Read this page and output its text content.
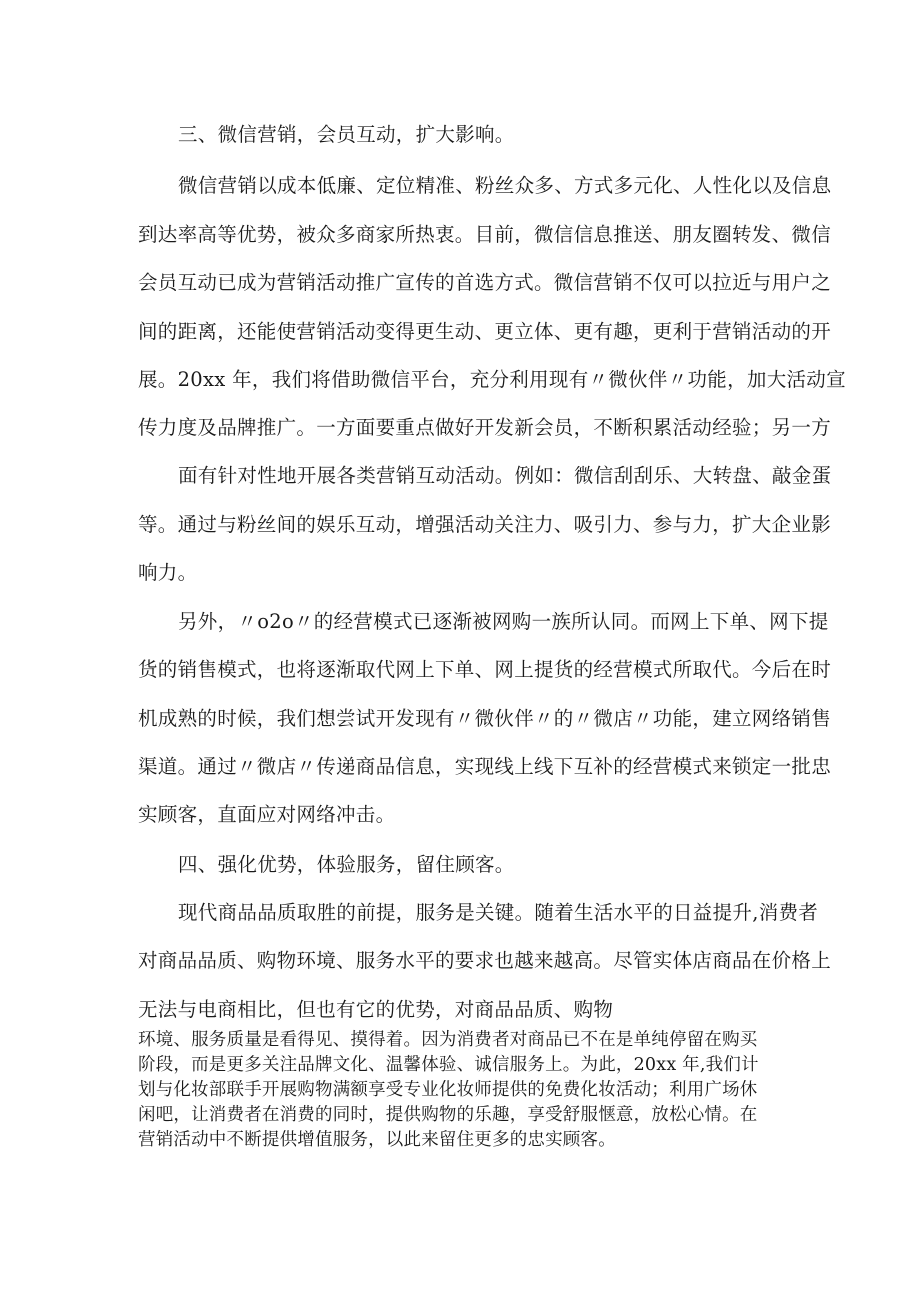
三、微信营销，会员互动，扩大影响。
微信营销以成本低廉、定位精准、粉丝众多、方式多元化、人性化以及信息
到达率高等优势，被众多商家所热衷。目前，微信信息推送、朋友圈转发、微信
会员互动已成为营销活动推广宣传的首选方式。微信营销不仅可以拉近与用户之
间的距离，还能使营销活动变得更生动、更立体、更有趣，更利于营销活动的开
展。20xx 年，我们将借助微信平台，充分利用现有〃微伙伴〃功能，加大活动宣
传力度及品牌推广。一方面要重点做好开发新会员，不断积累活动经验；另一方
面有针对性地开展各类营销互动活动。例如：微信刮刮乐、大转盘、敲金蛋
等。通过与粉丝间的娱乐互动，增强活动关注力、吸引力、参与力，扩大企业影
响力。
另外，〃o2o〃的经营模式已逐渐被网购一族所认同。而网上下单、网下提
货的销售模式，也将逐渐取代网上下单、网上提货的经营模式所取代。今后在时
机成熟的时候，我们想尝试开发现有〃微伙伴〃的〃微店〃功能，建立网络销售
渠道。通过〃微店〃传递商品信息，实现线上线下互补的经营模式来锁定一批忠
实顾客，直面应对网络冲击。
四、强化优势，体验服务，留住顾客。
现代商品品质取胜的前提，服务是关键。随着生活水平的日益提升,消费者
对商品品质、购物环境、服务水平的要求也越来越高。尽管实体店商品在价格上
无法与电商相比，但也有它的优势，对商品品质、购物
环境、服务质量是看得见、摸得着。因为消费者对商品已不在是单纯停留在购买
阶段，而是更多关注品牌文化、温馨体验、诚信服务上。为此，20xx 年,我们计
划与化妆部联手开展购物满额享受专业化妆师提供的免费化妆活动；利用广场休
闲吧，让消费者在消费的同时，提供购物的乐趣，享受舒服惬意，放松心情。在
营销活动中不断提供增值服务，以此来留住更多的忠实顾客。
